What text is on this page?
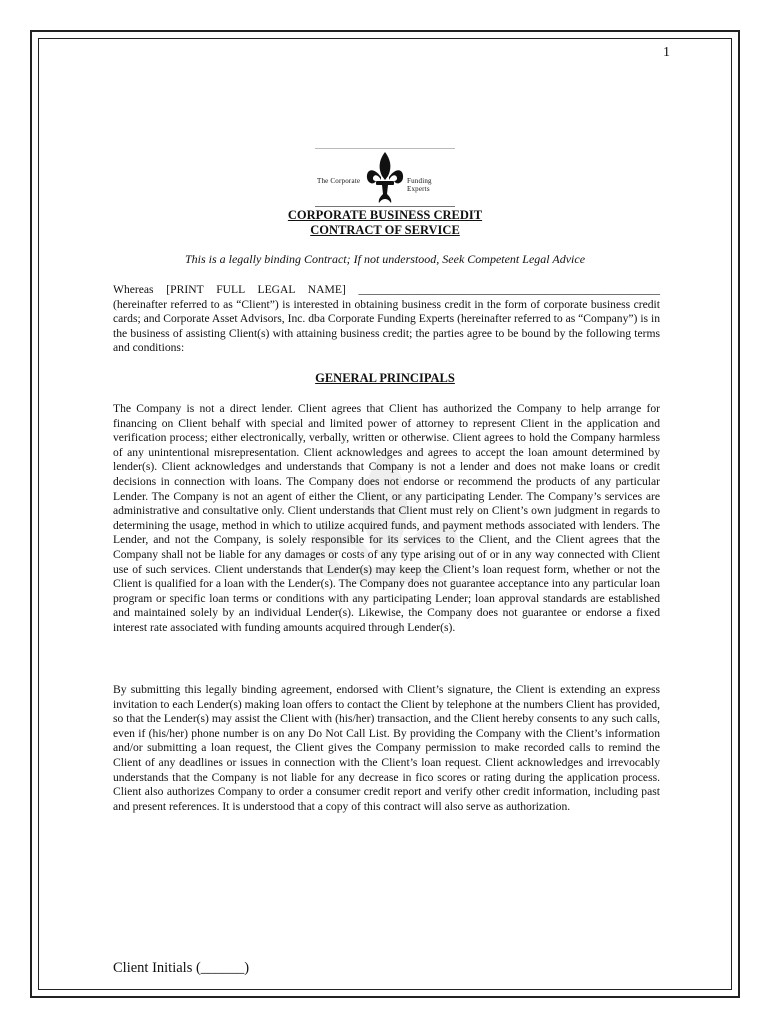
1
The Corporate	Funding Experts
CORPORATE BUSINESS CREDIT
CONTRACT OF SERVICE
This is a legally binding Contract; If not understood, Seek Competent Legal Advice
Whereas [PRINT FULL LEGAL NAME] ____________________________________________________ (hereinafter referred to as “Client”) is interested in obtaining business credit in the form of corporate business credit cards; and Corporate Asset Advisors, Inc. dba Corporate Funding Experts (hereinafter referred to as “Company”) is in the business of assisting Client(s) with attaining business credit; the parties agree to be bound by the following terms and conditions:
GENERAL PRINCIPALS
The Company is not a direct lender. Client agrees that Client has authorized the Company to help arrange for financing on Client behalf with special and limited power of attorney to represent Client in the application and verification process; either electronically, verbally, written or otherwise. Client agrees to hold the Company harmless of any unintentional misrepresentation. Client acknowledges and agrees to accept the loan amount determined by lender(s). Client acknowledges and understands that Company is not a lender and does not make loans or credit decisions in connection with loans. The Company does not endorse or recommend the products of any particular Lender. The Company is not an agent of either the Client, or any participating Lender. The Company’s services are administrative and consultative only. Client understands that Client must rely on Client’s own judgment in regards to determining the usage, method in which to utilize acquired funds, and payment methods associated with lenders. The Lender, and not the Company, is solely responsible for its services to the Client, and the Client agrees that the Company shall not be liable for any damages or costs of any type arising out of or in any way connected with Client use of such services. Client understands that Lender(s) may keep the Client’s loan request form, whether or not the Client is qualified for a loan with the Lender(s). The Company does not guarantee acceptance into any particular loan program or specific loan terms or conditions with any participating Lender; loan approval standards are established and maintained solely by an individual Lender(s). Likewise, the Company does not guarantee or endorse a fixed interest rate associated with funding amounts acquired through Lender(s).
By submitting this legally binding agreement, endorsed with Client’s signature, the Client is extending an express invitation to each Lender(s) making loan offers to contact the Client by telephone at the numbers Client has provided, so that the Lender(s) may assist the Client with (his/her) transaction, and the Client hereby consents to any such calls, even if (his/her) phone number is on any Do Not Call List. By providing the Company with the Client’s information and/or submitting a loan request, the Client gives the Company permission to make recorded calls to remind the Client of any deadlines or issues in connection with the Client’s loan request. Client acknowledges and irrevocably understands that the Company is not liable for any decrease in fico scores or rating during the application process. Client also authorizes Company to order a consumer credit report and verify other credit information, including past and present references. It is understood that a copy of this contract will also serve as authorization.
Client Initials (______)
